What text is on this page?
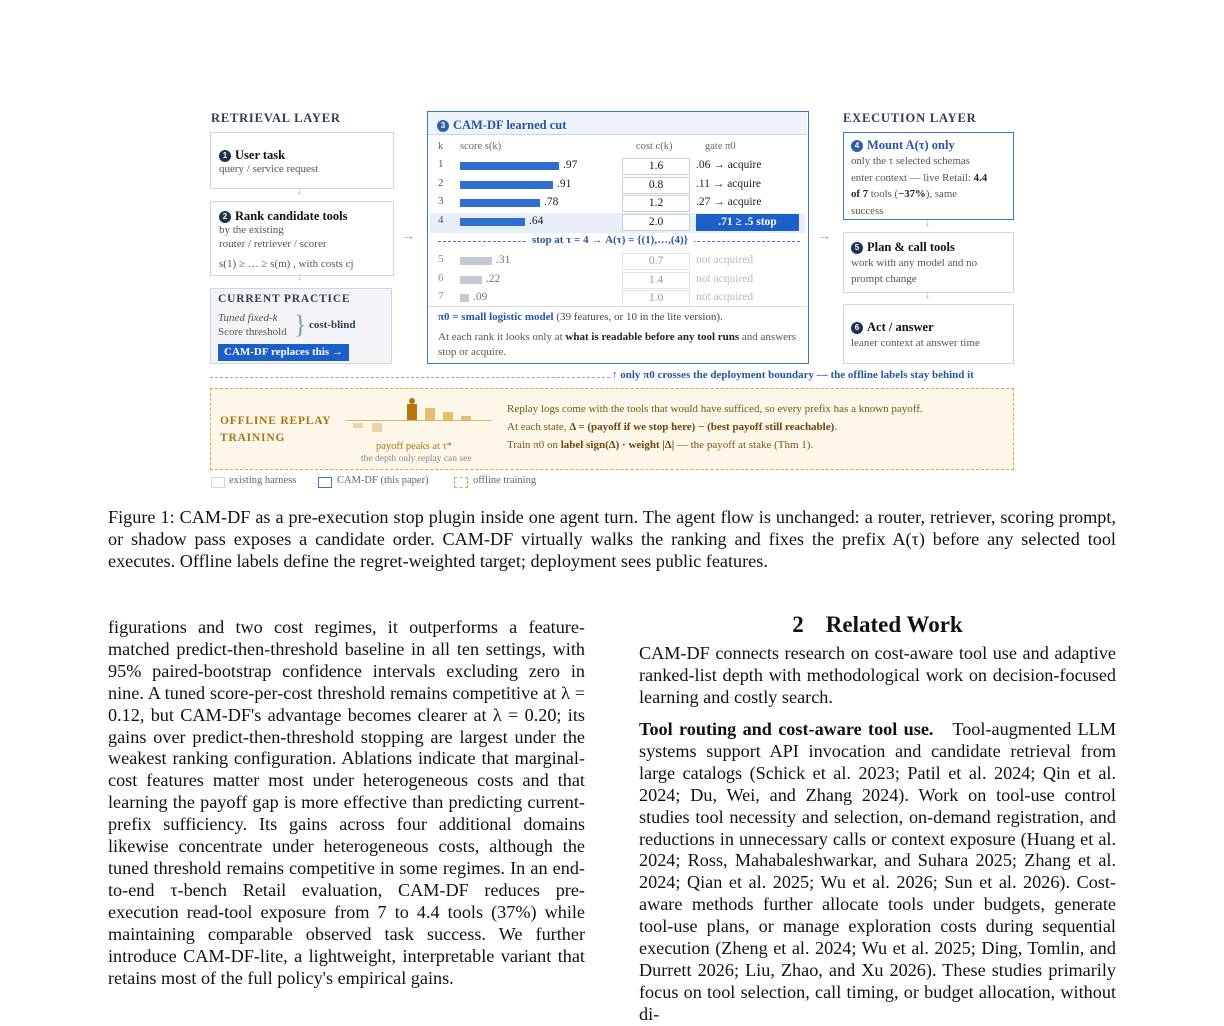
RETRIEVAL LAYER
1 User task
query / service request
↓
2 Rank candidate tools
by the existing
router / retriever / scorer
s(1) ≥ … ≥ s(m) , with costs cj
↓
CURRENT PRACTICE
Tuned fixed-k
Score threshold } cost-blind
CAM-DF replaces this →
→
3 CAM-DF learned cut
k score s(k)	cost c(k)	gate π0
1	.97	1.6	.06 → acquire
2	.91	0.8	.11 → acquire
3	.78	1.2	.27 → acquire
4	.64	2.0	.71 ≥ .5 stop
5	.31	0.7	not acquired
6	.22	1.4	not acquired
7	.09	1.0	not acquired
stop at τ = 4 → A(τ) = {(1),…,(4)}
π0 = small logistic model (39 features, or 10 in the lite version).
At each rank it looks only at what is readable before any tool runs and answers stop or acquire.
→
EXECUTION LAYER
4 Mount A(τ) only
only the τ selected schemas
enter context — live Retail: 4.4
of 7 tools (−37%), same
success
↓
5 Plan & call tools
work with any model and no
prompt change
↓
6 Act / answer
leaner context at answer time
↑ only π0 crosses the deployment boundary — the offline labels stay behind it
OFFLINE REPLAY
TRAINING
payoff peaks at τ*
the depth only replay can see
Replay logs come with the tools that would have sufficed, so every prefix has a known payoff.
At each state, Δ = (payoff if we stop here) − (best payoff still reachable).
Train π0 on label sign(Δ) · weight |Δ| — the payoff at stake (Thm 1).
existing harness	CAM-DF (this paper)	offline training
Figure 1: CAM-DF as a pre-execution stop plugin inside one agent turn. The agent flow is unchanged: a router, retriever, scoring prompt, or shadow pass exposes a candidate order. CAM-DF virtually walks the ranking and fixes the prefix A(τ) before any selected tool executes. Offline labels define the regret-weighted target; deployment sees public features.
figurations and two cost regimes, it outperforms a feature-matched predict-then-threshold baseline in all ten settings, with 95% paired-bootstrap confidence intervals excluding zero in nine. A tuned score-per-cost threshold remains competitive at λ = 0.12, but CAM-DF's advantage becomes clearer at λ = 0.20; its gains over predict-then-threshold stopping are largest under the weakest ranking configuration. Ablations indicate that marginal-cost features matter most under heterogeneous costs and that learning the payoff gap is more effective than predicting current-prefix sufficiency. Its gains across four additional domains likewise concentrate under heterogeneous costs, although the tuned threshold remains competitive in some regimes. In an end-to-end τ-bench Retail evaluation, CAM-DF reduces pre-execution read-tool exposure from 7 to 4.4 tools (37%) while maintaining comparable observed task success. We further introduce CAM-DF-lite, a lightweight, interpretable variant that retains most of the full policy's empirical gains.
2 Related Work
CAM-DF connects research on cost-aware tool use and adaptive ranked-list depth with methodological work on decision-focused learning and costly search.
Tool routing and cost-aware tool use. Tool-augmented LLM systems support API invocation and candidate retrieval from large catalogs (Schick et al. 2023; Patil et al. 2024; Qin et al. 2024; Du, Wei, and Zhang 2024). Work on tool-use control studies tool necessity and selection, on-demand registration, and reductions in unnecessary calls or context exposure (Huang et al. 2024; Ross, Mahabaleshwarkar, and Suhara 2025; Zhang et al. 2024; Qian et al. 2025; Wu et al. 2026; Sun et al. 2026). Cost-aware methods further allocate tools under budgets, generate tool-use plans, or manage exploration costs during sequential execution (Zheng et al. 2024; Wu et al. 2025; Ding, Tomlin, and Durrett 2026; Liu, Zhao, and Xu 2026). These studies primarily focus on tool selection, call timing, or budget allocation, without di-
